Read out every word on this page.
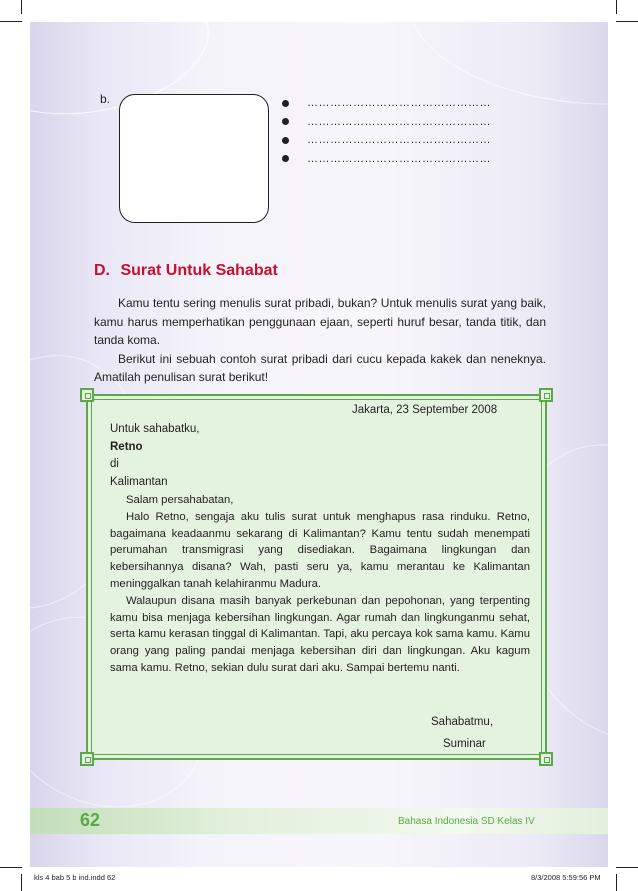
b.	…………………………………………
…………………………………………
…………………………………………
…………………………………………
D. Surat Untuk Sahabat

Kamu tentu sering menulis surat pribadi, bukan? Untuk menulis surat yang baik, kamu harus memperhatikan penggunaan ejaan, seperti huruf besar, tanda titik, dan tanda koma.

Berikut ini sebuah contoh surat pribadi dari cucu kepada kakek dan neneknya. Amatilah penulisan surat berikut!

Jakarta, 23 September 2008
Untuk sahabatku,
Retno
di
Kalimantan

Salam persahabatan,

Halo Retno, sengaja aku tulis surat untuk menghapus rasa rinduku. Retno, bagaimana keadaanmu sekarang di Kalimantan? Kamu tentu sudah menempati perumahan transmigrasi yang disediakan. Bagaimana lingkungan dan kebersihannya disana? Wah, pasti seru ya, kamu merantau ke Kalimantan meninggalkan tanah kelahiranmu Madura.

Walaupun disana masih banyak perkebunan dan pepohonan, yang terpenting kamu bisa menjaga kebersihan lingkungan. Agar rumah dan lingkunganmu sehat, serta kamu kerasan tinggal di Kalimantan. Tapi, aku percaya kok sama kamu. Kamu orang yang paling pandai menjaga kebersihan diri dan lingkungan. Aku kagum sama kamu. Retno, sekian dulu surat dari aku. Sampai bertemu nanti.

Sahabatmu,
Suminar
62	Bahasa Indonesia SD Kelas IV
kls 4 bab 5 b ind.indd 62	8/3/2008 5:59:56 PM
